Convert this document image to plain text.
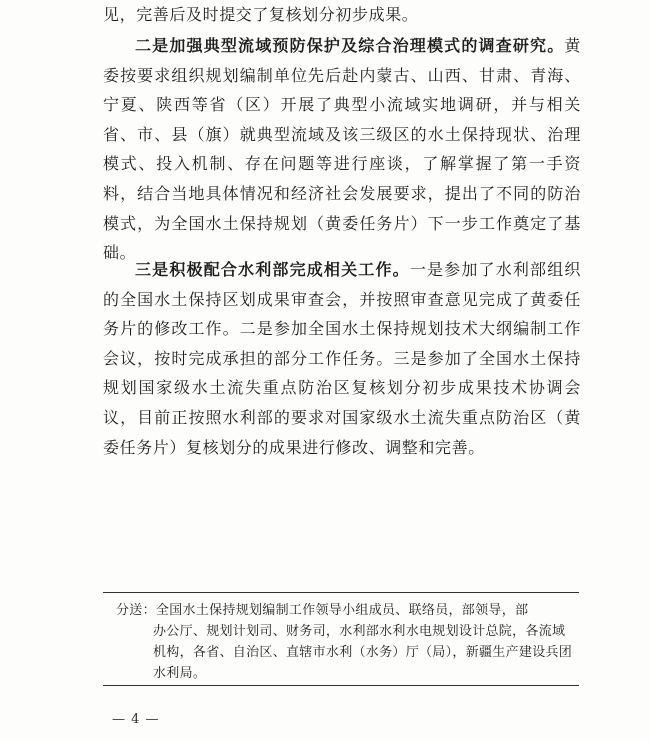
见，完善后及时提交了复核划分初步成果。

二是加强典型流域预防保护及综合治理模式的调查研究。黄委按要求组织规划编制单位先后赴内蒙古、山西、甘肃、青海、宁夏、陕西等省（区）开展了典型小流域实地调研，并与相关省、市、县（旗）就典型流域及该三级区的水土保持现状、治理模式、投入机制、存在问题等进行座谈，了解掌握了第一手资料，结合当地具体情况和经济社会发展要求，提出了不同的防治模式，为全国水土保持规划（黄委任务片）下一步工作奠定了基础。

三是积极配合水利部完成相关工作。一是参加了水利部组织的全国水土保持区划成果审查会，并按照审查意见完成了黄委任务片的修改工作。二是参加全国水土保持规划技术大纲编制工作会议，按时完成承担的部分工作任务。三是参加了全国水土保持规划国家级水土流失重点防治区复核划分初步成果技术协调会议，目前正按照水利部的要求对国家级水土流失重点防治区（黄委任务片）复核划分的成果进行修改、调整和完善。

分送：全国水土保持规划编制工作领导小组成员、联络员，部领导，部
办公厅、规划计划司、财务司，水利部水利水电规划设计总院，各流域机构，各省、自治区、直辖市水利（水务）厅（局），新疆生产建设兵团水利局。

— 4 —
